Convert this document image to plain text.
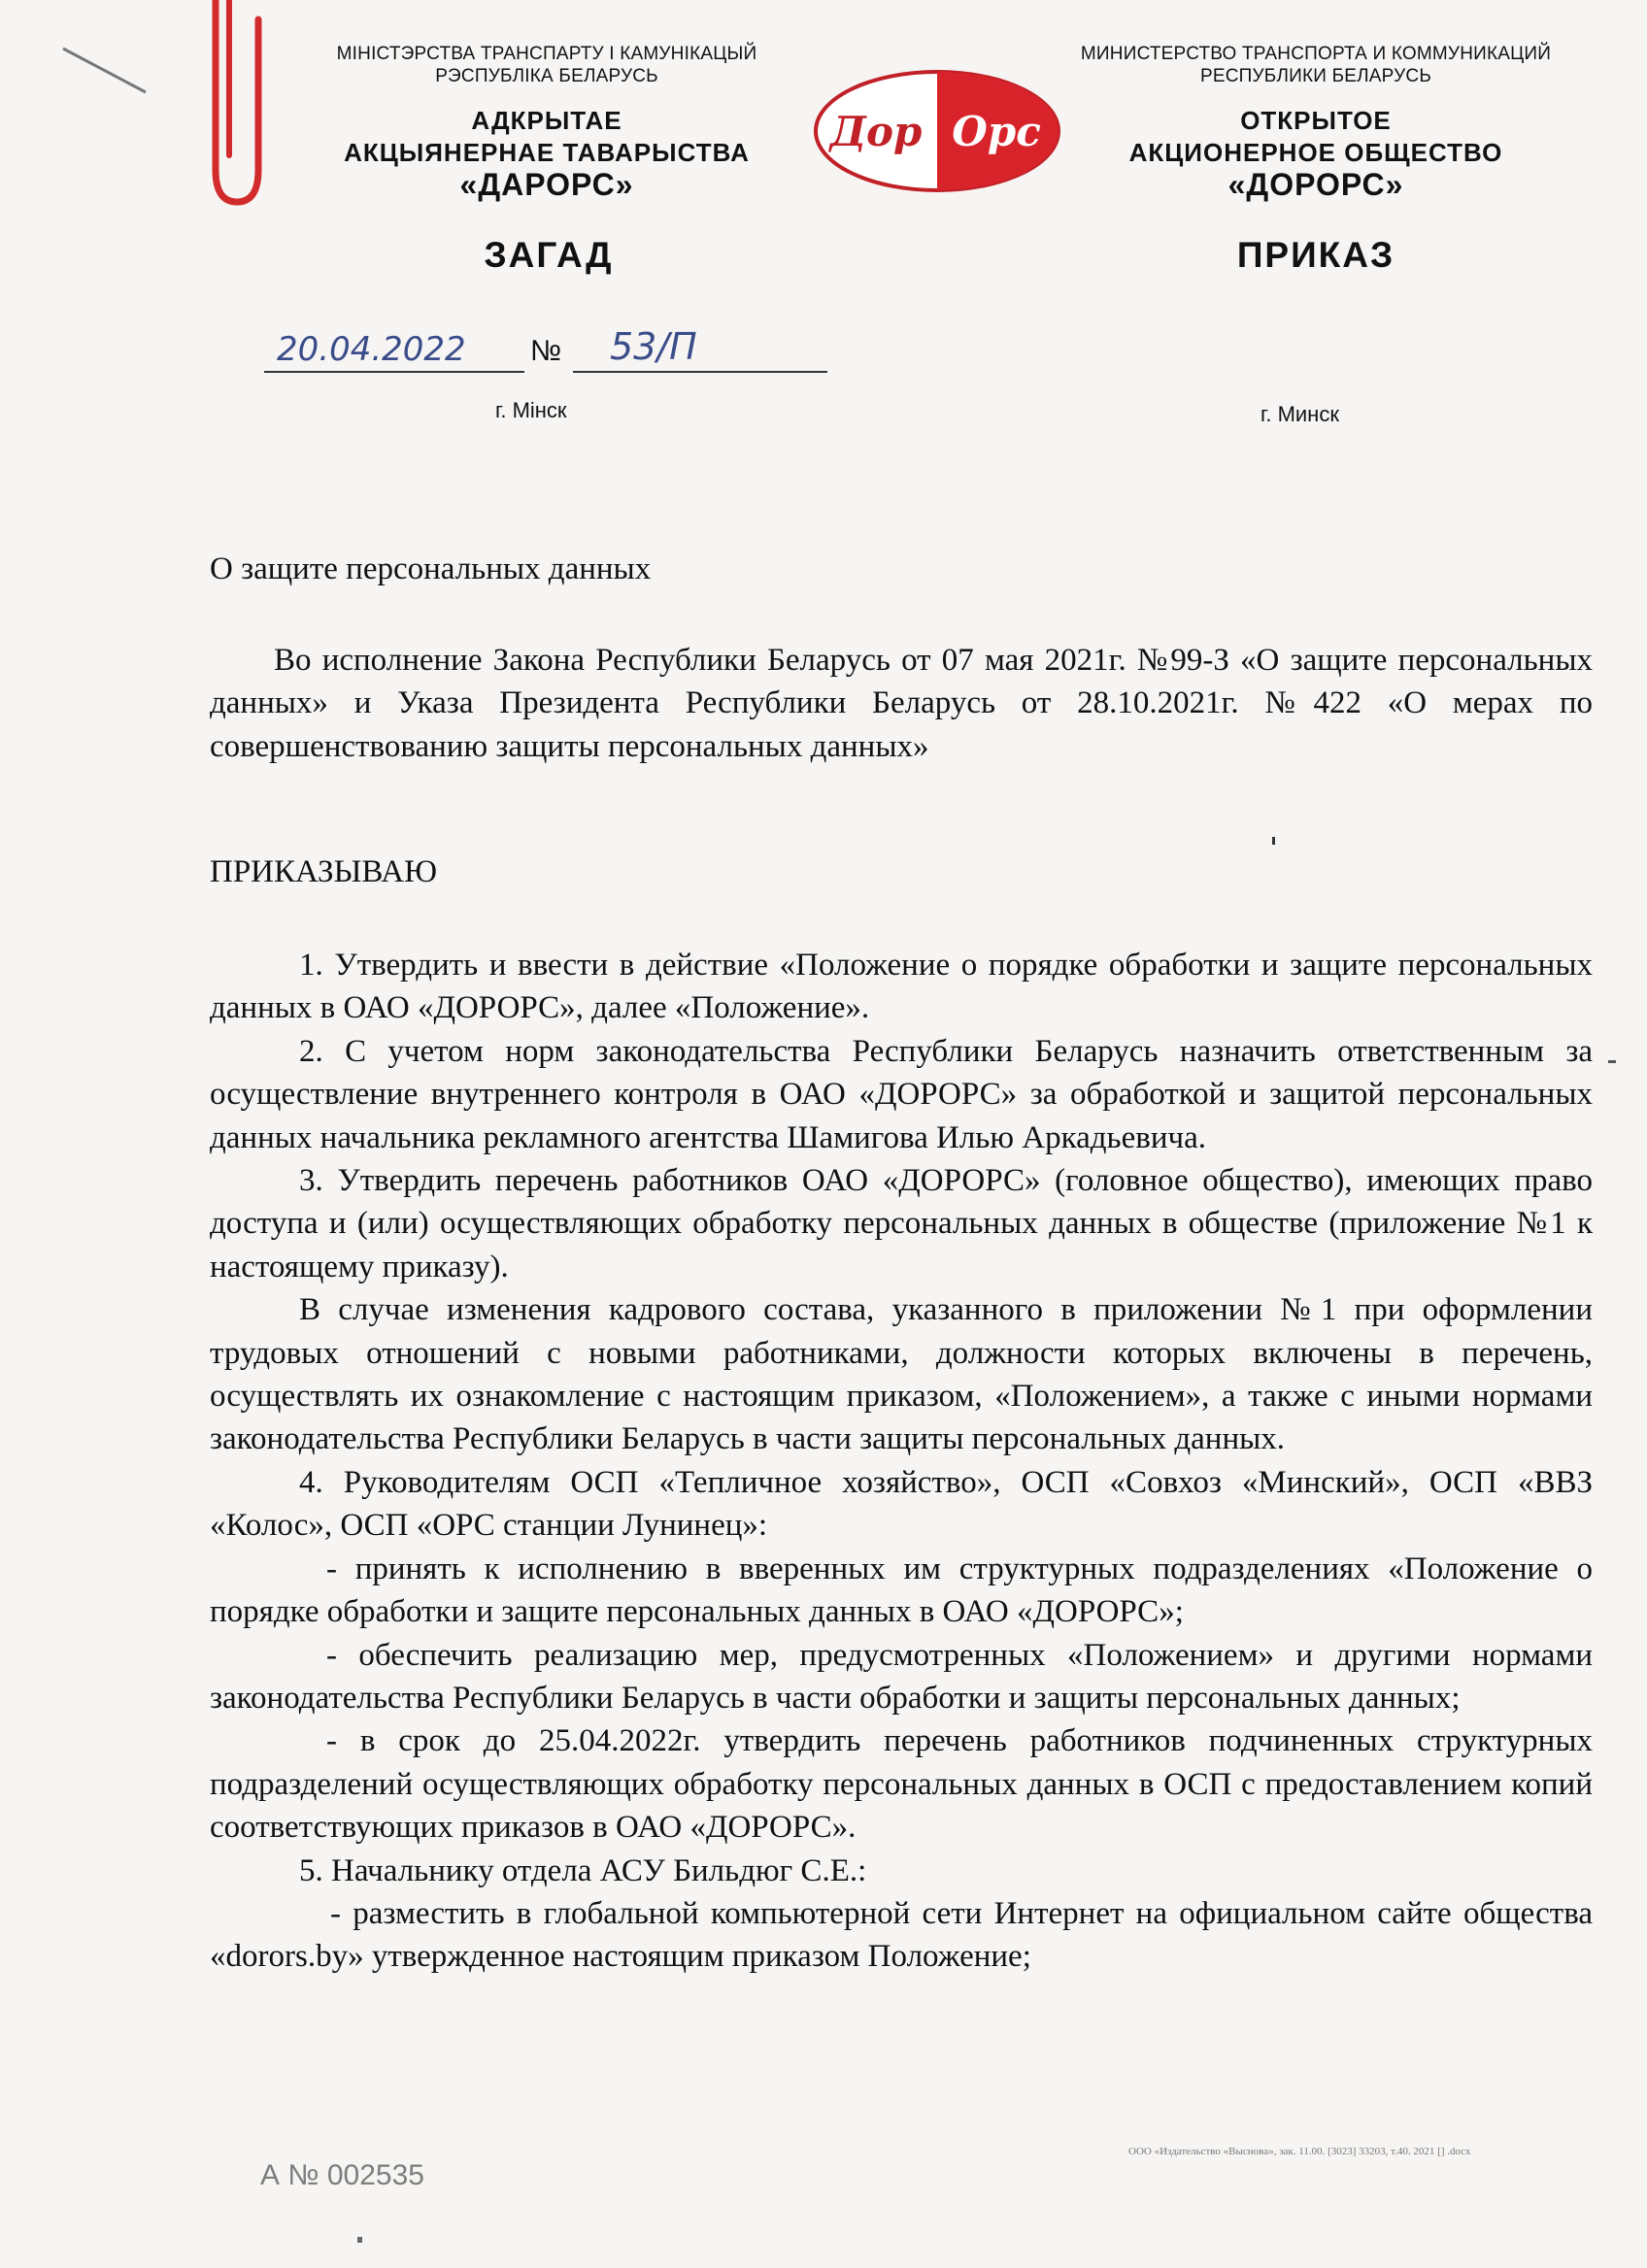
МІНІСТЭРСТВА ТРАНСПАРТУ І КАМУНІКАЦЫЙ
РЭСПУБЛІКА БЕЛАРУСЬ
АДКРЫТАЕ
АКЦЫЯНЕРНАЕ ТАВАРЫСТВА
«ДАРОРС»
ЗАГАД
Дор Орс
МИНИСТЕРСТВО ТРАНСПОРТА И КОММУНИКАЦИЙ
РЕСПУБЛИКИ БЕЛАРУСЬ
ОТКРЫТОЕ
АКЦИОНЕРНОЕ ОБЩЕСТВО
«ДОРОРС»
ПРИКАЗ
20.04.2022 № 53/П
г. Мінск	г. Минск
О защите персональных данных

Во исполнение Закона Республики Беларусь от 07 мая 2021г. №99-З «О защите персональных данных» и Указа Президента Республики Беларусь от 28.10.2021г. №422 «О мерах по совершенствованию защиты персональных данных»

ПРИКАЗЫВАЮ

1. Утвердить и ввести в действие «Положение о порядке обработки и защите персональных данных в ОАО «ДОРОРС», далее «Положение».

2. С учетом норм законодательства Республики Беларусь назначить ответственным за осуществление внутреннего контроля в ОАО «ДОРОРС» за обработкой и защитой персональных данных начальника рекламного агентства Шамигова Илью Аркадьевича.

3. Утвердить перечень работников ОАО «ДОРОРС» (головное общество), имеющих право доступа и (или) осуществляющих обработку персональных данных в обществе (приложение №1 к настоящему приказу).

В случае изменения кадрового состава, указанного в приложении №1 при оформлении трудовых отношений с новыми работниками, должности которых включены в перечень, осуществлять их ознакомление с настоящим приказом, «Положением», а также с иными нормами законодательства Республики Беларусь в части защиты персональных данных.

4. Руководителям ОСП «Тепличное хозяйство», ОСП «Совхоз «Минский», ОСП «ВВЗ «Колос», ОСП «ОРС станции Лунинец»:

- принять к исполнению в вверенных им структурных подразделениях «Положение о порядке обработки и защите персональных данных в ОАО «ДОРОРС»;

- обеспечить реализацию мер, предусмотренных «Положением» и другими нормами законодательства Республики Беларусь в части обработки и защиты персональных данных;

- в срок до 25.04.2022г. утвердить перечень работников подчиненных структурных подразделений осуществляющих обработку персональных данных в ОСП с предоставлением копий соответствующих приказов в ОАО «ДОРОРС».

5. Начальнику отдела АСУ Бильдюг С.Е.:

- разместить в глобальной компьютерной сети Интернет на официальном сайте общества «dorors.by» утвержденное настоящим приказом Положение;

А № 002535
ООО «Издательство «Высновa», зак. 11.00. [3023] 33203, т.40. 2021 [] .docx
